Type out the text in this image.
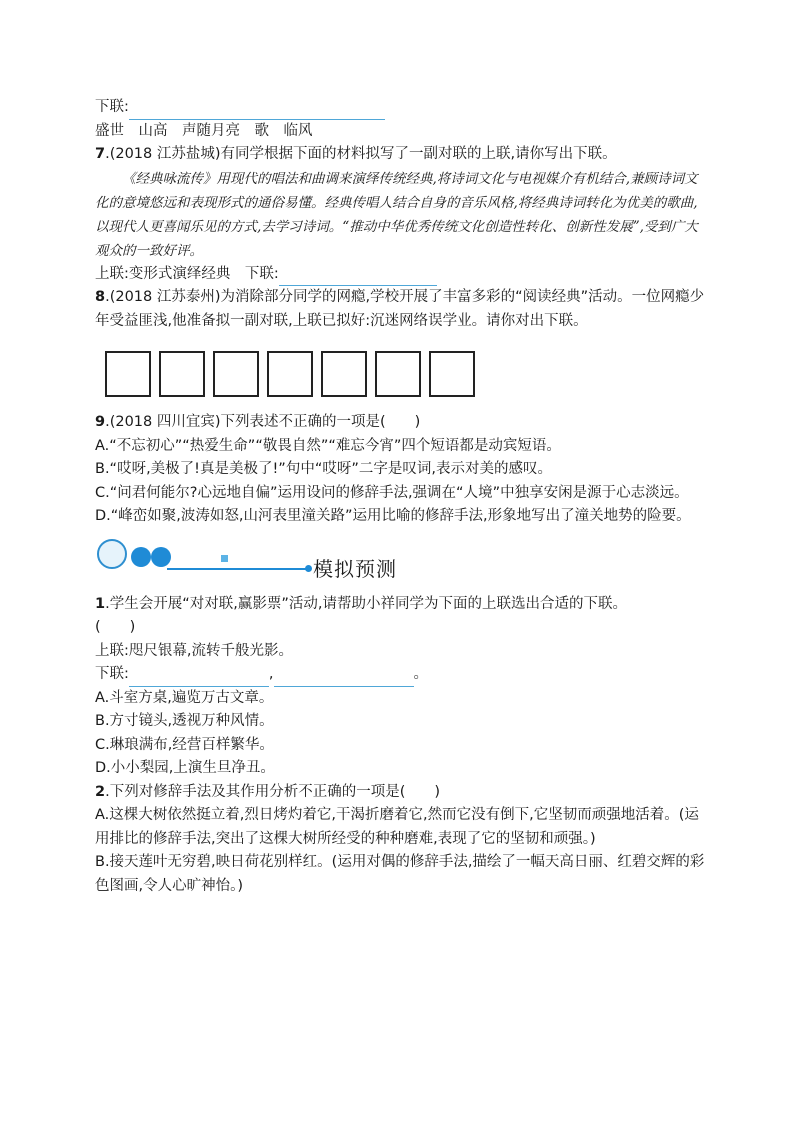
下联:
盛世  山高  声随月亮  歌  临风
7.(2018 江苏盐城)有同学根据下面的材料拟写了一副对联的上联,请你写出下联。
《经典咏流传》用现代的唱法和曲调来演绎传统经典,将诗词文化与电视媒介有机结合,兼顾诗词文化的意境悠远和表现形式的通俗易懂。经典传唱人结合自身的音乐风格,将经典诗词转化为优美的歌曲,以现代人更喜闻乐见的方式,去学习诗词。“推动中华优秀传统文化创造性转化、创新性发展”,受到广大观众的一致好评。
上联:变形式演绎经典  下联:
8.(2018 江苏泰州)为消除部分同学的网瘾,学校开展了丰富多彩的“阅读经典”活动。一位网瘾少年受益匪浅,他准备拟一副对联,上联已拟好:沉迷网络误学业。请你对出下联。
9.(2018 四川宜宾)下列表述不正确的一项是(　　)
A.“不忘初心”“热爱生命”“敬畏自然”“难忘今宵”四个短语都是动宾短语。
B.“哎呀,美极了!真是美极了!”句中“哎呀”二字是叹词,表示对美的感叹。
C.“问君何能尔?心远地自偏”运用设问的修辞手法,强调在“人境”中独享安闲是源于心志淡远。
D.“峰峦如聚,波涛如怒,山河表里潼关路”运用比喻的修辞手法,形象地写出了潼关地势的险要。
模拟预测
1.学生会开展“对对联,赢影票”活动,请帮助小祥同学为下面的上联选出合适的下联。
(　　)
上联:咫尺银幕,流转千般光影。
下联:	,	。
A.斗室方桌,遍览万古文章。
B.方寸镜头,透视万种风情。
C.琳琅满布,经营百样繁华。
D.小小梨园,上演生旦净丑。
2.下列对修辞手法及其作用分析不正确的一项是(　　)
A.这棵大树依然挺立着,烈日烤灼着它,干渴折磨着它,然而它没有倒下,它坚韧而顽强地活着。(运用排比的修辞手法,突出了这棵大树所经受的种种磨难,表现了它的坚韧和顽强。)
B.接天莲叶无穷碧,映日荷花别样红。(运用对偶的修辞手法,描绘了一幅天高日丽、红碧交辉的彩色图画,令人心旷神怡。)
